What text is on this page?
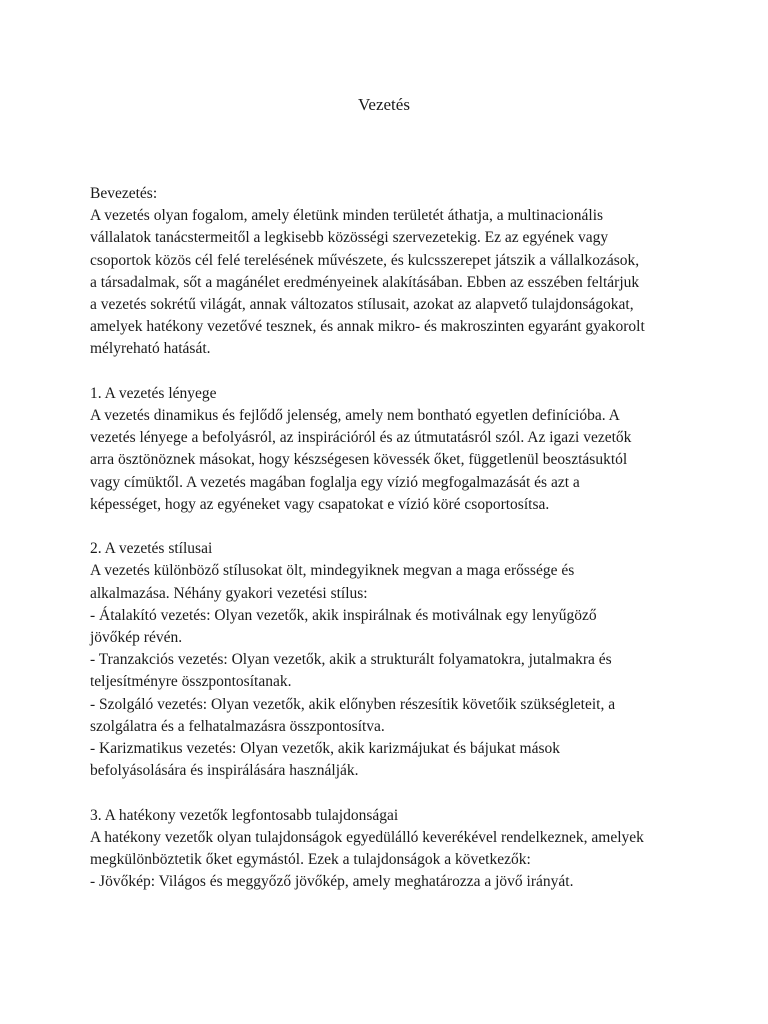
Vezetés
Bevezetés:
A vezetés olyan fogalom, amely életünk minden területét áthatja, a multinacionális
vállalatok tanácstermeitől a legkisebb közösségi szervezetekig. Ez az egyének vagy
csoportok közös cél felé terelésének művészete, és kulcsszerepet játszik a vállalkozások,
a társadalmak, sőt a magánélet eredményeinek alakításában. Ebben az esszében feltárjuk
a vezetés sokrétű világát, annak változatos stílusait, azokat az alapvető tulajdonságokat,
amelyek hatékony vezetővé tesznek, és annak mikro- és makroszinten egyaránt gyakorolt
mélyreható hatását.
1. A vezetés lényege
A vezetés dinamikus és fejlődő jelenség, amely nem bontható egyetlen definícióba. A
vezetés lényege a befolyásról, az inspirációról és az útmutatásról szól. Az igazi vezetők
arra ösztönöznek másokat, hogy készségesen kövessék őket, függetlenül beosztásuktól
vagy címüktől. A vezetés magában foglalja egy vízió megfogalmazását és azt a
képességet, hogy az egyéneket vagy csapatokat e vízió köré csoportosítsa.
2. A vezetés stílusai
A vezetés különböző stílusokat ölt, mindegyiknek megvan a maga erőssége és
alkalmazása. Néhány gyakori vezetési stílus:
- Átalakító vezetés: Olyan vezetők, akik inspirálnak és motiválnak egy lenyűgöző
jövőkép révén.
- Tranzakciós vezetés: Olyan vezetők, akik a strukturált folyamatokra, jutalmakra és
teljesítményre összpontosítanak.
- Szolgáló vezetés: Olyan vezetők, akik előnyben részesítik követőik szükségleteit, a
szolgálatra és a felhatalmazásra összpontosítva.
- Karizmatikus vezetés: Olyan vezetők, akik karizmájukat és bájukat mások
befolyásolására és inspirálására használják.
3. A hatékony vezetők legfontosabb tulajdonságai
A hatékony vezetők olyan tulajdonságok egyedülálló keverékével rendelkeznek, amelyek
megkülönböztetik őket egymástól. Ezek a tulajdonságok a következők:
- Jövőkép: Világos és meggyőző jövőkép, amely meghatározza a jövő irányát.
